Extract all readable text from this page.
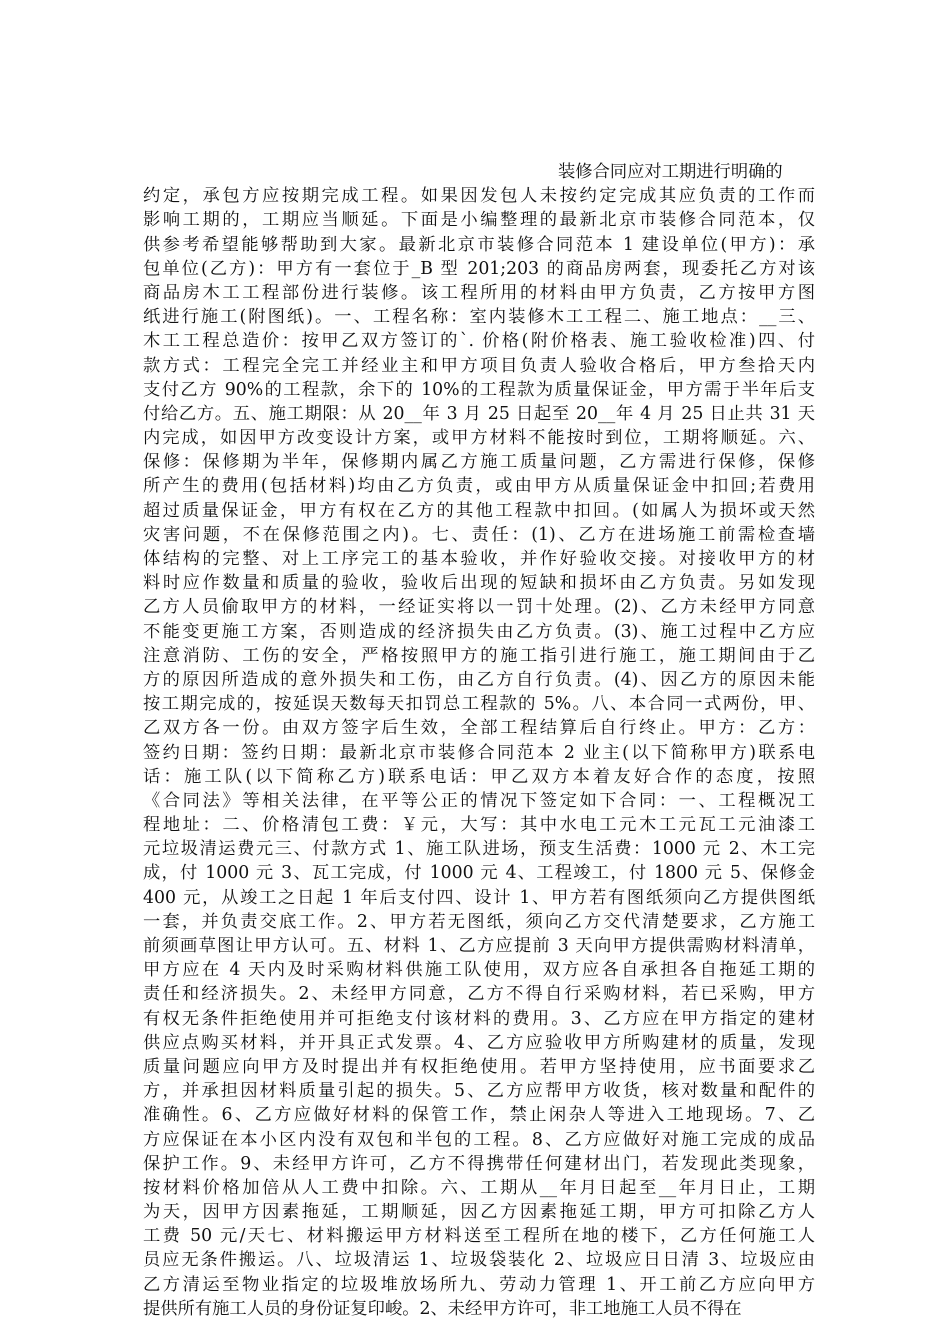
装修合同应对工期进行明确的
约定，承包方应按期完成工程。如果因发包人未按约定完成其应负责的工作而
影响工期的，工期应当顺延。下面是小编整理的最新北京市装修合同范本，仅
供参考希望能够帮助到大家。最新北京市装修合同范本 1 建设单位(甲方)：承
包单位(乙方)：甲方有一套位于_B 型 201;203 的商品房两套，现委托乙方对该
商品房木工工程部份进行装修。该工程所用的材料由甲方负责，乙方按甲方图
纸进行施工(附图纸)。一、工程名称：室内装修木工工程二、施工地点：__三、
木工工程总造价：按甲乙双方签订的`. 价格(附价格表、施工验收检准)四、付
款方式：工程完全完工并经业主和甲方项目负责人验收合格后，甲方叁拾天内
支付乙方 90%的工程款，余下的 10%的工程款为质量保证金，甲方需于半年后支
付给乙方。五、施工期限：从 20__年 3 月 25 日起至 20__年 4 月 25 日止共 31 天
内完成，如因甲方改变设计方案，或甲方材料不能按时到位，工期将顺延。六、
保修：保修期为半年，保修期内属乙方施工质量问题，乙方需进行保修，保修
所产生的费用(包括材料)均由乙方负责，或由甲方从质量保证金中扣回;若费用
超过质量保证金，甲方有权在乙方的其他工程款中扣回。(如属人为损坏或天然
灾害问题，不在保修范围之内)。七、责任：(1)、乙方在进场施工前需检查墙
体结构的完整、对上工序完工的基本验收，并作好验收交接。对接收甲方的材
料时应作数量和质量的验收，验收后出现的短缺和损坏由乙方负责。另如发现
乙方人员偷取甲方的材料，一经证实将以一罚十处理。(2)、乙方未经甲方同意
不能变更施工方案，否则造成的经济损失由乙方负责。(3)、施工过程中乙方应
注意消防、工伤的安全，严格按照甲方的施工指引进行施工，施工期间由于乙
方的原因所造成的意外损失和工伤，由乙方自行负责。(4)、因乙方的原因未能
按工期完成的，按延误天数每天扣罚总工程款的 5%。八、本合同一式两份，甲、
乙双方各一份。由双方签字后生效，全部工程结算后自行终止。甲方：乙方：
签约日期：签约日期：最新北京市装修合同范本 2 业主(以下简称甲方)联系电
话：施工队(以下简称乙方)联系电话：甲乙双方本着友好合作的态度，按照
《合同法》等相关法律，在平等公正的情况下签定如下合同：一、工程概况工
程地址：二、价格清包工费：￥元，大写：其中水电工元木工元瓦工元油漆工
元垃圾清运费元三、付款方式 1、施工队进场，预支生活费：1000 元 2、木工完
成，付 1000 元 3、瓦工完成，付 1000 元 4、工程竣工，付 1800 元 5、保修金
400 元，从竣工之日起 1 年后支付四、设计 1、甲方若有图纸须向乙方提供图纸
一套，并负责交底工作。2、甲方若无图纸，须向乙方交代清楚要求，乙方施工
前须画草图让甲方认可。五、材料 1、乙方应提前 3 天向甲方提供需购材料清单，
甲方应在 4 天内及时采购材料供施工队使用，双方应各自承担各自拖延工期的
责任和经济损失。2、未经甲方同意，乙方不得自行采购材料，若已采购，甲方
有权无条件拒绝使用并可拒绝支付该材料的费用。3、乙方应在甲方指定的建材
供应点购买材料，并开具正式发票。4、乙方应验收甲方所购建材的质量，发现
质量问题应向甲方及时提出并有权拒绝使用。若甲方坚持使用，应书面要求乙
方，并承担因材料质量引起的损失。5、乙方应帮甲方收货，核对数量和配件的
准确性。6、乙方应做好材料的保管工作，禁止闲杂人等进入工地现场。7、乙
方应保证在本小区内没有双包和半包的工程。8、乙方应做好对施工完成的成品
保护工作。9、未经甲方许可，乙方不得携带任何建材出门，若发现此类现象，
按材料价格加倍从人工费中扣除。六、工期从__年月日起至__年月日止，工期
为天，因甲方因素拖延，工期顺延，因乙方因素拖延工期，甲方可扣除乙方人
工费 50 元/天七、材料搬运甲方材料送至工程所在地的楼下，乙方任何施工人
员应无条件搬运。八、垃圾清运 1、垃圾袋装化 2、垃圾应日日清 3、垃圾应由
乙方清运至物业指定的垃圾堆放场所九、劳动力管理 1、开工前乙方应向甲方
提供所有施工人员的身份证复印峻。2、未经甲方许可，非工地施工人员不得在
